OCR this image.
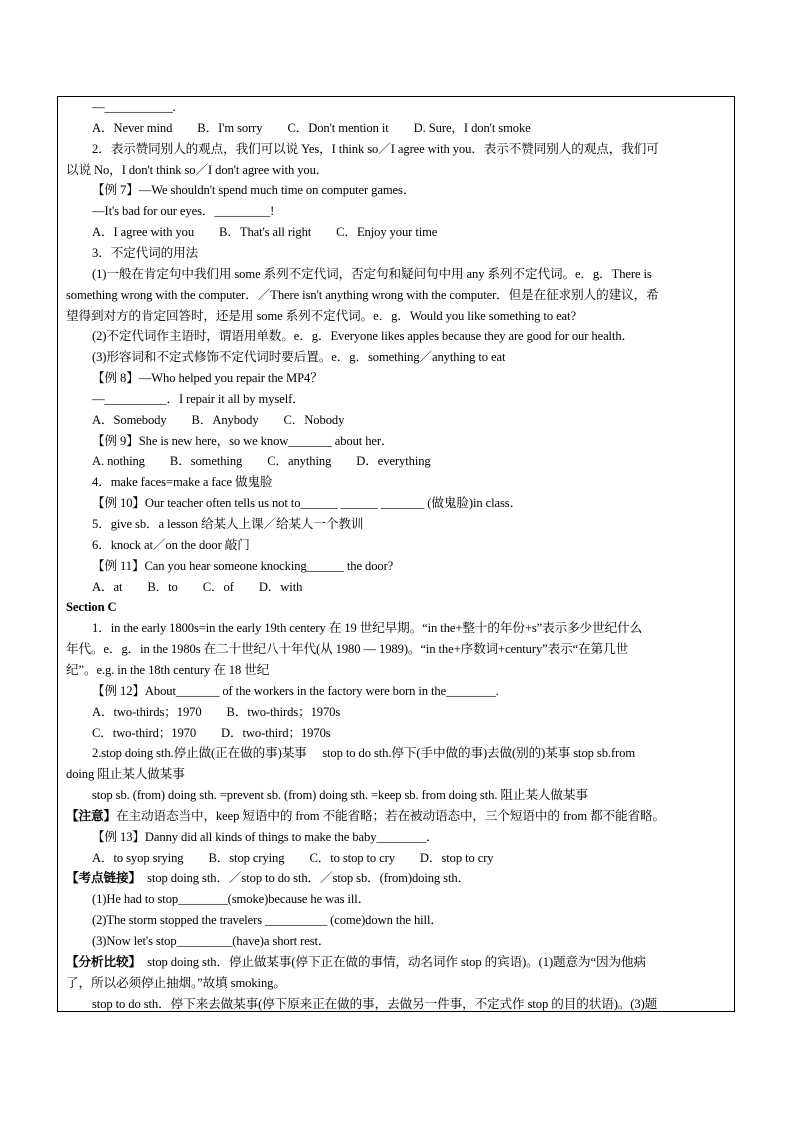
—___________.
A．Never mind　　B．I'm sorry　　C．Don't mention it　　D. Sure，I don't smoke
2．表示赞同别人的观点，我们可以说 Yes，I think so／I agree with you．表示不赞同别人的观点，我们可
以说 No，I don't think so／I don't agree with you．
【例 7】—We shouldn't spend much time on computer games．
—It's bad for our eyes．_________!
A．I agree with you　　B．That's all right　　C．Enjoy your time
3．不定代词的用法
(1)一般在肯定句中我们用 some 系列不定代词，否定句和疑问句中用 any 系列不定代词。e．g．There is
something wrong with the computer．／There isn't anything wrong with the computer．但是在征求别人的建议，希
望得到对方的肯定回答时，还是用 some 系列不定代词。e．g．Would you like something to eat?
(2)不定代词作主语时，谓语用单数。e．g．Everyone likes apples because they are good for our health．
(3)形容词和不定式修饰不定代词时要后置。e．g．something／anything to eat
【例 8】—Who helped you repair the MP4？
—__________．I repair it all by myself．
A．Somebody　　B．Anybody　　C．Nobody
【例 9】She is new here，so we know_______ about her．
A. nothing　　B．something　　C．anything　　D．everything
4．make faces=make a face 做鬼脸
【例 10】Our teacher often tells us not to______ ______ _______ (做鬼脸)in class．
5．give sb．a lesson 给某人上课／给某人一个教训
6．knock at／on the door 敲门
【例 11】Can you hear someone knocking______ the door?
A．at　　B．to　　C．of　　D．with
Section C
1．in the early 1800s=in the early 19th centery 在 19 世纪早期。“in the+整十的年份+s”表示多少世纪什么
年代。e．g．in the 1980s 在二十世纪八十年代(从 1980 — 1989)。“in the+序数词+century”表示“在第几世
纪”。e.g. in the 18th century 在 18 世纪
【例 12】About_______ of the workers in the factory were born in the________.
A．two-thirds；1970　　B．two-thirds；1970s
C．two-third；1970　　D．two-third；1970s
2.stop doing sth.停止做(正在做的事)某事　 stop to do sth.停下(手中做的事)去做(别的)某事 stop sb.from
doing 阻止某人做某事
stop sb. (from) doing sth. =prevent sb. (from) doing sth. =keep sb. from doing sth. 阻止某人做某事
【注意】在主动语态当中，keep 短语中的 from 不能省略；若在被动语态中，三个短语中的 from 都不能省略。
【例 13】Danny did all kinds of things to make the baby________．
A．to syop srying　　B．stop crying　　C．to stop to cry　　D．stop to cry
【考点链接】　stop doing sth．／stop to do sth．／stop sb．(from)doing sth．
(1)He had to stop________(smoke)because he was ill．
(2)The storm stopped the travelers __________ (come)down the hill．
(3)Now let's stop_________(have)a short rest．
【分析比较】　stop doing sth．停止做某事(停下正在做的事情，动名词作 stop 的宾语)。(1)题意为“因为他病
了，所以必须停止抽烟。”故填 smoking。
stop to do sth．停下来去做某事(停下原来正在做的事，去做另一件事，不定式作 stop 的目的状语)。(3)题
